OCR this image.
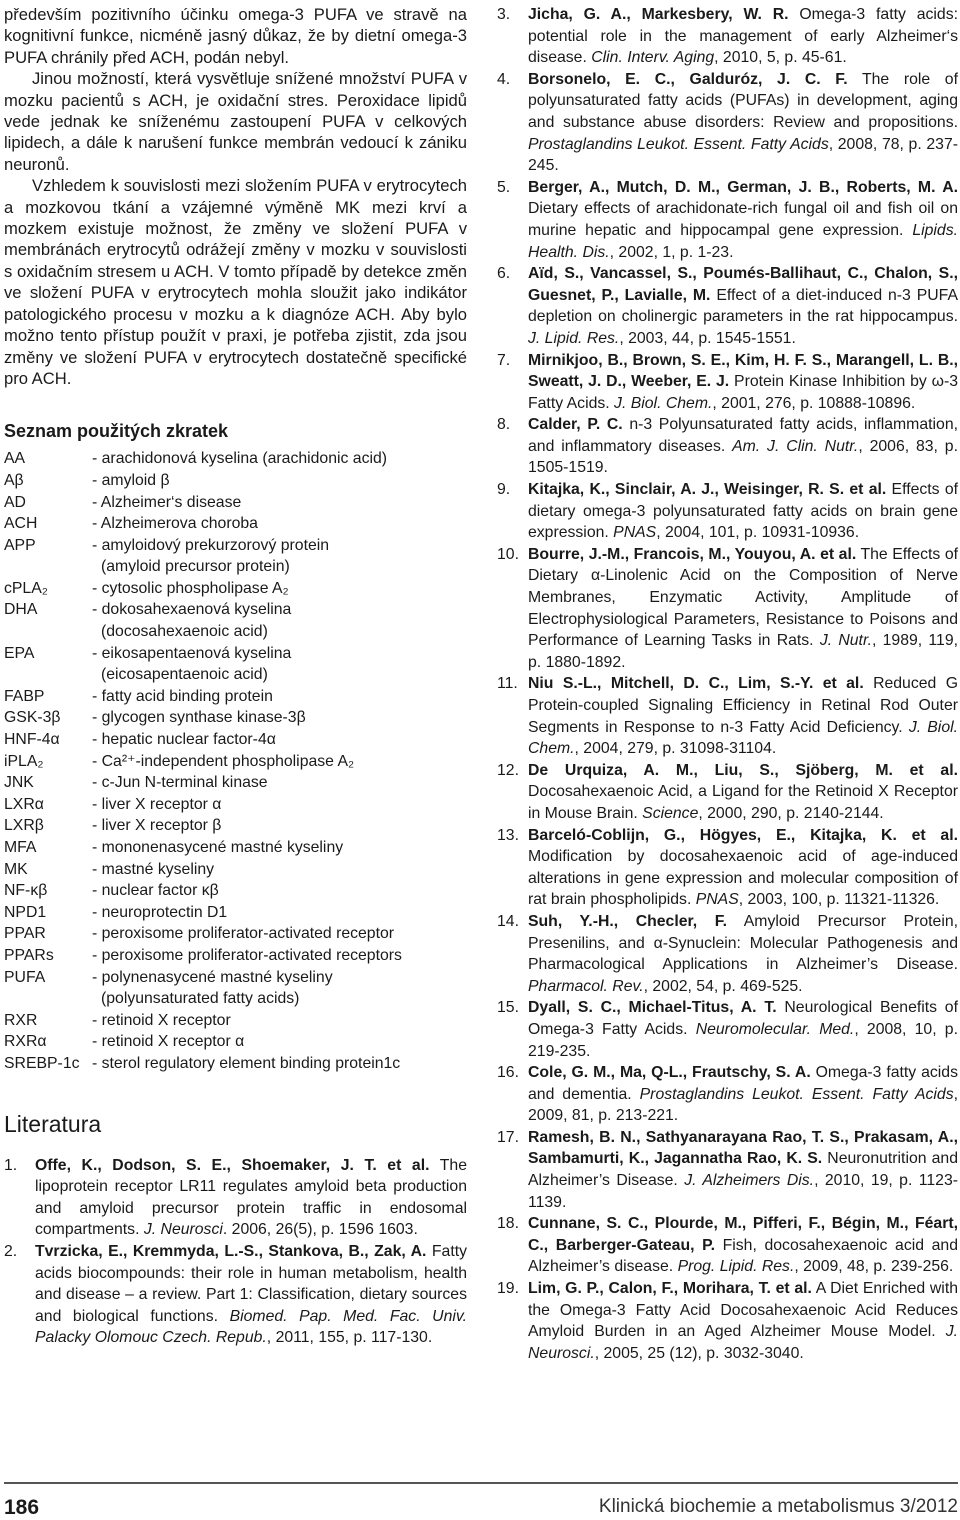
především pozitivního účinku omega-3 PUFA ve stravě na kognitivní funkce, nicméně jasný důkaz, že by dietní omega-3 PUFA chránily před ACH, podán nebyl.

Jinou možností, která vysvětluje snížené množství PUFA v mozku pacientů s ACH, je oxidační stres. Peroxidace lipidů vede jednak ke sníženému zastoupení PUFA v celkových lipidech, a dále k narušení funkce membrán vedoucí k zániku neuronů.

Vzhledem k souvislosti mezi složením PUFA v erytrocytech a mozkovou tkání a vzájemné výměně MK mezi krví a mozkem existuje možnost, že změny ve složení PUFA v membránách erytrocytů odrážejí změny v mozku v souvislosti s oxidačním stresem u ACH. V tomto případě by detekce změn ve složení PUFA v erytrocytech mohla sloužit jako indikátor patologického procesu v mozku a k diagnóze ACH. Aby bylo možno tento přístup použít v praxi, je potřeba zjistit, zda jsou změny ve složení PUFA v erytrocytech dostatečně specifické pro ACH.

Seznam použitých zkratek
AA	- arachidonová kyselina (arachidonic acid)
Aβ	- amyloid β
AD	- Alzheimer‘s disease
ACH	- Alzheimerova choroba
APP	- amyloidový prekurzorový protein
(amyloid precursor protein)
cPLA₂	- cytosolic phospholipase A₂
DHA	- dokosahexaenová kyselina
(docosahexaenoic acid)
EPA	- eikosapentaenová kyselina
(eicosapentaenoic acid)
FABP	- fatty acid binding protein
GSK-3β	- glycogen synthase kinase-3β
HNF-4α	- hepatic nuclear factor-4α
iPLA₂	- Ca²⁺-independent phospholipase A₂
JNK	- c-Jun N-terminal kinase
LXRα	- liver X receptor α
LXRβ	- liver X receptor β
MFA	- mononenasycené mastné kyseliny
MK	- mastné kyseliny
NF-κβ	- nuclear factor κβ
NPD1	- neuroprotectin D1
PPAR	- peroxisome proliferator-activated receptor
PPARs	- peroxisome proliferator-activated receptors
PUFA	- polynenasycené mastné kyseliny
(polyunsaturated fatty acids)
RXR	- retinoid X receptor
RXRα	- retinoid X receptor α
SREBP-1c - sterol regulatory element binding protein1c
Literatura
1.	Offe, K., Dodson, S. E., Shoemaker, J. T. et al. The lipoprotein receptor LR11 regulates amyloid beta production and amyloid precursor protein traffic in endosomal compartments. J. Neurosci. 2006, 26(5), p. 1596 1603.
2.	Tvrzicka, E., Kremmyda, L.-S., Stankova, B., Zak, A. Fatty acids biocompounds: their role in human metabolism, health and disease – a review. Part 1: Classification, dietary sources and biological functions. Biomed. Pap. Med. Fac. Univ. Palacky Olomouc Czech. Repub., 2011, 155, p. 117-130.
3.	Jicha, G. A., Markesbery, W. R. Omega-3 fatty acids: potential role in the management of early Alzheimer‘s disease. Clin. Interv. Aging, 2010, 5, p. 45-61.
4.	Borsonelo, E. C., Galduróz, J. C. F. The role of polyunsaturated fatty acids (PUFAs) in development, aging and substance abuse disorders: Review and propositions. Prostaglandins Leukot. Essent. Fatty Acids, 2008, 78, p. 237-245.
5.	Berger, A., Mutch, D. M., German, J. B., Roberts, M. A. Dietary effects of arachidonate-rich fungal oil and fish oil on murine hepatic and hippocampal gene expression. Lipids. Health. Dis., 2002, 1, p. 1-23.
6.	Aïd, S., Vancassel, S., Poumés-Ballihaut, C., Chalon, S., Guesnet, P., Lavialle, M. Effect of a diet-induced n-3 PUFA depletion on cholinergic parameters in the rat hippocampus. J. Lipid. Res., 2003, 44, p. 1545-1551.
7.	Mirnikjoo, B., Brown, S. E., Kim, H. F. S., Marangell, L. B., Sweatt, J. D., Weeber, E. J. Protein Kinase Inhibition by ω-3 Fatty Acids. J. Biol. Chem., 2001, 276, p. 10888-10896.
8.	Calder, P. C. n-3 Polyunsaturated fatty acids, inflammation, and inflammatory diseases. Am. J. Clin. Nutr., 2006, 83, p. 1505-1519.
9.	Kitajka, K., Sinclair, A. J., Weisinger, R. S. et al. Effects of dietary omega-3 polyunsaturated fatty acids on brain gene expression. PNAS, 2004, 101, p. 10931-10936.
10. Bourre, J.-M., Francois, M., Youyou, A. et al. The Effects of Dietary α-Linolenic Acid on the Composition of Nerve Membranes, Enzymatic Activity, Amplitude of Electrophysiological Parameters, Resistance to Poisons and Performance of Learning Tasks in Rats. J. Nutr., 1989, 119, p. 1880-1892.
11. Niu S.-L., Mitchell, D. C., Lim, S.-Y. et al. Reduced G Protein-coupled Signaling Efficiency in Retinal Rod Outer Segments in Response to n-3 Fatty Acid Deficiency. J. Biol. Chem., 2004, 279, p. 31098-31104.
12. De Urquiza, A. M., Liu, S., Sjöberg, M. et al. Docosahexaenoic Acid, a Ligand for the Retinoid X Receptor in Mouse Brain. Science, 2000, 290, p. 2140-2144.
13. Barceló-Coblijn, G., Högyes, E., Kitajka, K. et al. Modification by docosahexaenoic acid of age-induced alterations in gene expression and molecular composition of rat brain phospholipids. PNAS, 2003, 100, p. 11321-11326.
14. Suh, Y.-H., Checler, F. Amyloid Precursor Protein, Presenilins, and α-Synuclein: Molecular Pathogenesis and Pharmacological Applications in Alzheimer’s Disease. Pharmacol. Rev., 2002, 54, p. 469-525.
15. Dyall, S. C., Michael-Titus, A. T. Neurological Benefits of Omega-3 Fatty Acids. Neuromolecular. Med., 2008, 10, p. 219-235.
16. Cole, G. M., Ma, Q-L., Frautschy, S. A. Omega-3 fatty acids and dementia. Prostaglandins Leukot. Essent. Fatty Acids, 2009, 81, p. 213-221.
17. Ramesh, B. N., Sathyanarayana Rao, T. S., Prakasam, A., Sambamurti, K., Jagannatha Rao, K. S. Neuronutrition and Alzheimer’s Disease. J. Alzheimers Dis., 2010, 19, p. 1123-1139.
18. Cunnane, S. C., Plourde, M., Pifferi, F., Bégin, M., Féart, C., Barberger-Gateau, P. Fish, docosahexaenoic acid and Alzheimer’s disease. Prog. Lipid. Res., 2009, 48, p. 239-256.
19. Lim, G. P., Calon, F., Morihara, T. et al. A Diet Enriched with the Omega-3 Fatty Acid Docosahexaenoic Acid Reduces Amyloid Burden in an Aged Alzheimer Mouse Model. J. Neurosci., 2005, 25 (12), p. 3032-3040.
186	Klinická biochemie a metabolismus 3/2012
